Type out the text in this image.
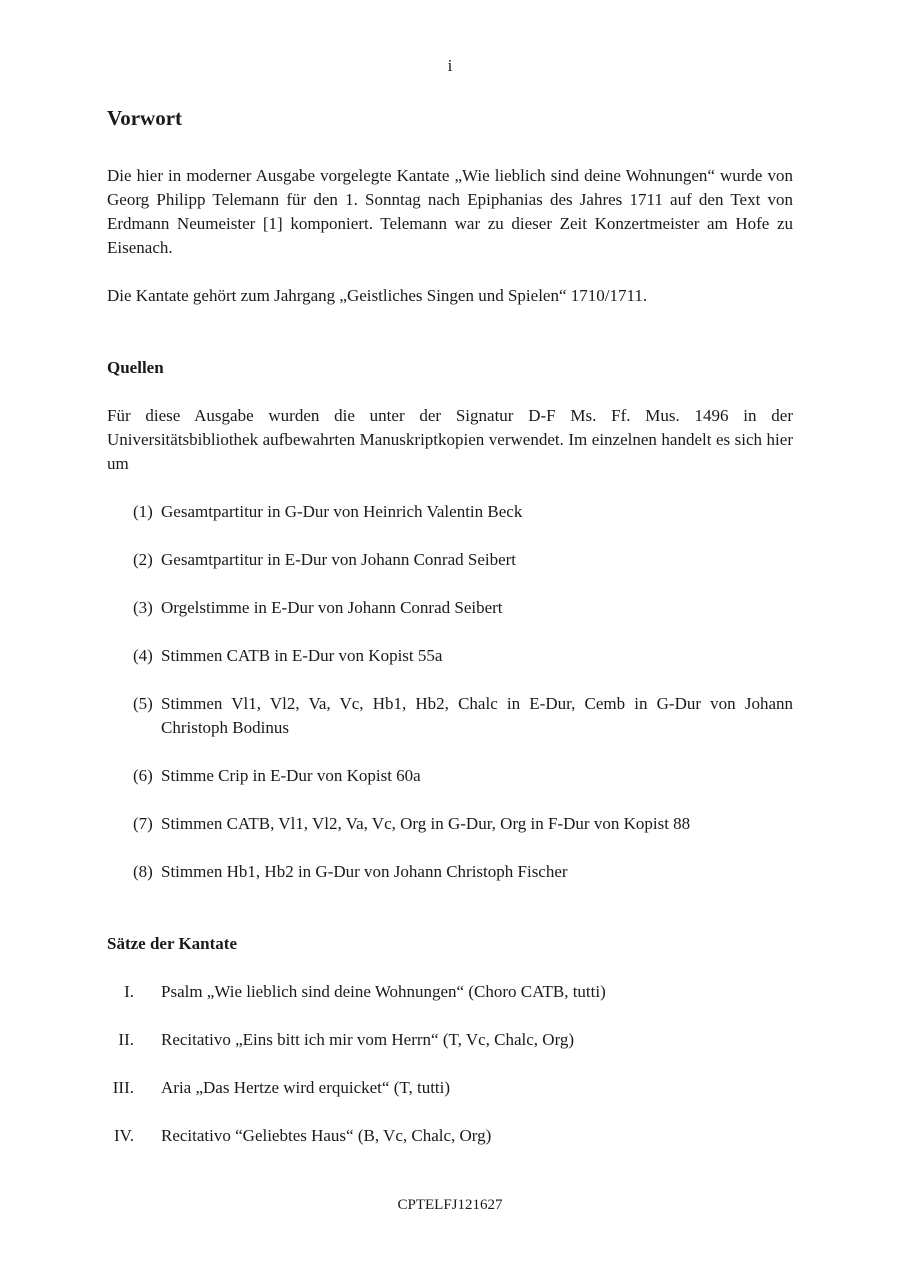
i
Vorwort

Die hier in moderner Ausgabe vorgelegte Kantate „Wie lieblich sind deine Wohnungen“ wurde von Georg Philipp Telemann für den 1. Sonntag nach Epiphanias des Jahres 1711 auf den Text von Erdmann Neumeister [1] komponiert. Telemann war zu dieser Zeit Konzertmeister am Hofe zu Eisenach.

Die Kantate gehört zum Jahrgang „Geistliches Singen und Spielen“ 1710/1711.

Quellen

Für diese Ausgabe wurden die unter der Signatur D-F Ms. Ff. Mus. 1496 in der Universitätsbibliothek aufbewahrten Manuskriptkopien verwendet. Im einzelnen handelt es sich hier um

(1) Gesamtpartitur in G-Dur von Heinrich Valentin Beck
(2) Gesamtpartitur in E-Dur von Johann Conrad Seibert
(3) Orgelstimme in E-Dur von Johann Conrad Seibert
(4) Stimmen CATB in E-Dur von Kopist 55a
(5) Stimmen Vl1, Vl2, Va, Vc, Hb1, Hb2, Chalc in E-Dur, Cemb in G-Dur von Johann Christoph Bodinus
(6) Stimme Crip in E-Dur von Kopist 60a
(7) Stimmen CATB, Vl1, Vl2, Va, Vc, Org in G-Dur, Org in F-Dur von Kopist 88
(8) Stimmen Hb1, Hb2 in G-Dur von Johann Christoph Fischer
Sätze der Kantate
I. Psalm „Wie lieblich sind deine Wohnungen“ (Choro CATB, tutti)
II. Recitativo „Eins bitt ich mir vom Herrn“ (T, Vc, Chalc, Org)
III. Aria „Das Hertze wird erquicket“ (T, tutti)
IV. Recitativo “Geliebtes Haus“ (B, Vc, Chalc, Org)
CPTELFJ121627
